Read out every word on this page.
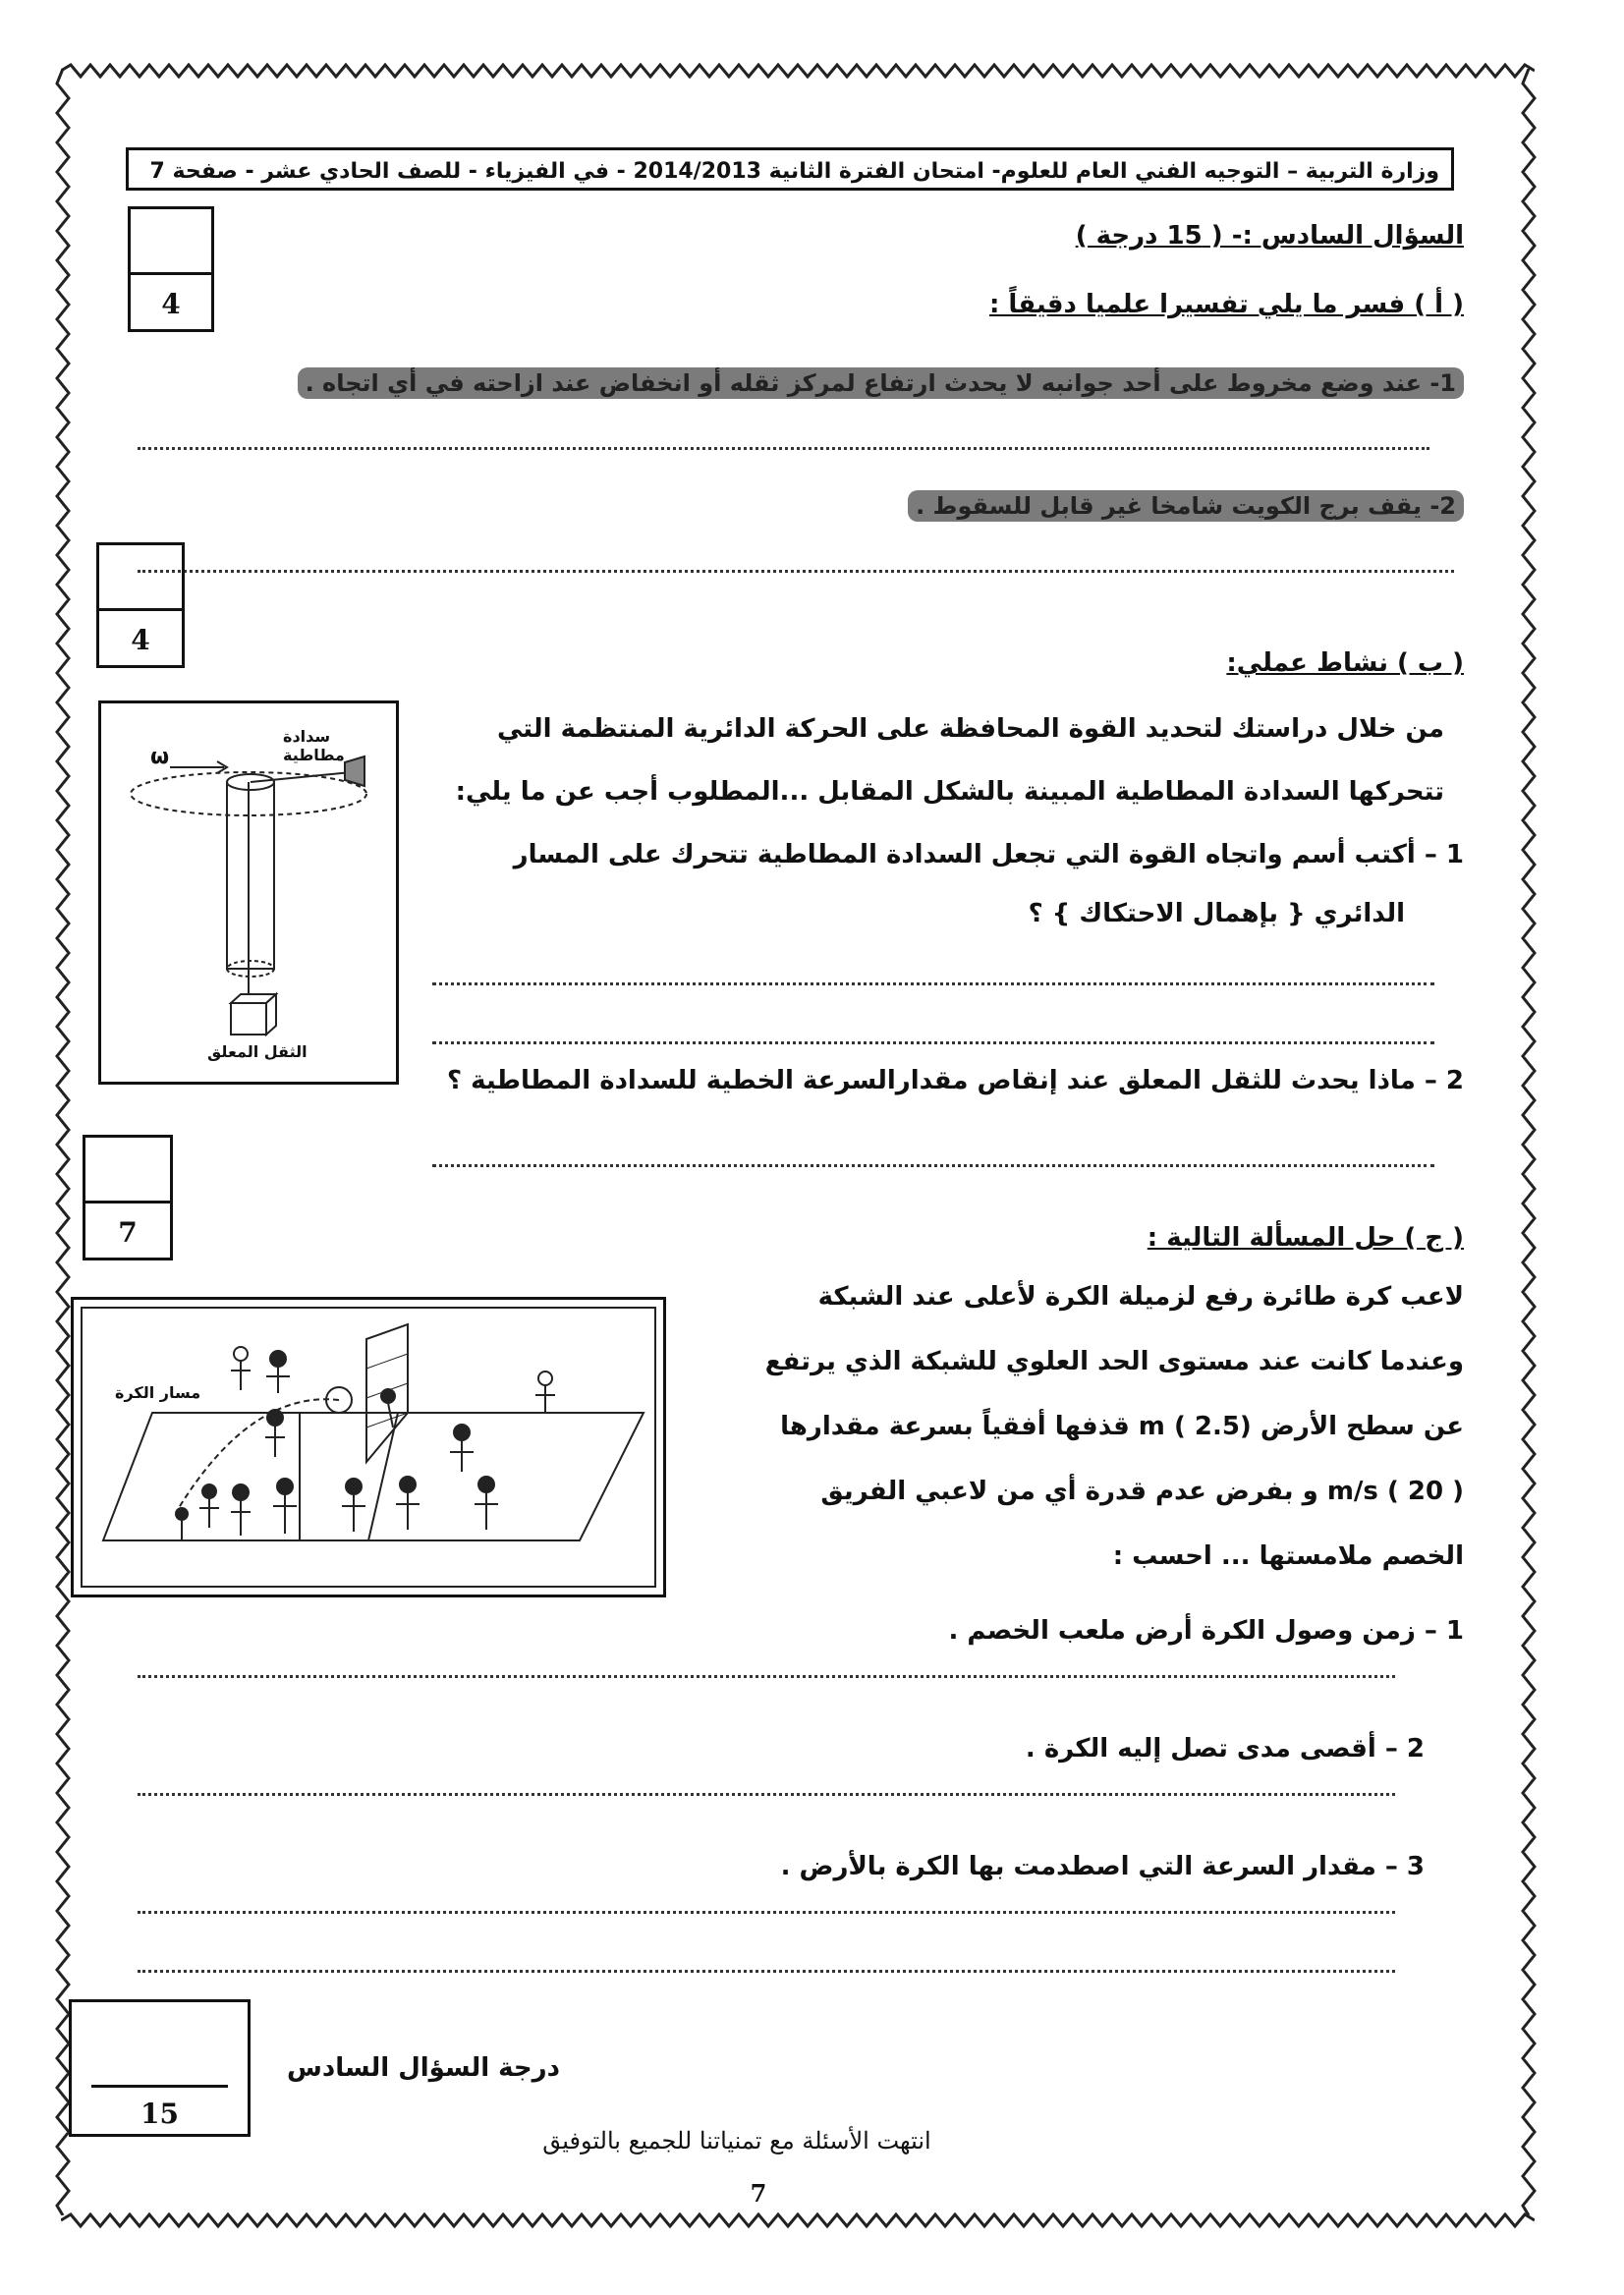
وزارة التربية – التوجيه الفني العام للعلوم- امتحان الفترة الثانية 2014/2013 - في الفيزياء - للصف الحادي عشر - صفحة 7
السؤال السادس :- ( 15 درجة )
4	( أ ) فسر ما يلي تفسيرا علميا دقيقاً :
1- عند وضع مخروط على أحد جوانبه لا يحدث ارتفاع لمركز ثقله أو انخفاض عند ازاحته في أي اتجاه .
2- يقف برج الكويت شامخا غير قابل للسقوط .
4
( ب ) نشاط عملي:
من خلال دراستك لتحديد القوة المحافظة على الحركة الدائرية المنتظمة التي
تتحركها السدادة المطاطية المبينة بالشكل المقابل ...المطلوب أجب عن ما يلي:
1 – أكتب أسم واتجاه القوة التي تجعل السدادة المطاطية تتحرك على المسار
الدائري { بإهمال الاحتكاك } ؟
2 – ماذا يحدث للثقل المعلق عند إنقاص مقدارالسرعة الخطية للسدادة المطاطية ؟
ω
سدادة مطاطية
الثقل المعلق
7	( ج ) حل المسألة التالية :
لاعب كرة طائرة رفع لزميلة الكرة لأعلى عند الشبكة
وعندما كانت عند مستوى الحد العلوي للشبكة الذي يرتفع
عن سطح الأرض m ( 2.5) قذفها أفقياً بسرعة مقدارها
m/s ( 20 ) و بفرض عدم قدرة أي من لاعبي الفريق
الخصم ملامستها ... احسب :
1 – زمن وصول الكرة أرض ملعب الخصم .
2 – أقصى مدى تصل إليه الكرة .
3 – مقدار السرعة التي اصطدمت بها الكرة بالأرض .
مسار الكرة
15
درجة السؤال السادس
انتهت الأسئلة مع تمنياتنا للجميع بالتوفيق
7
